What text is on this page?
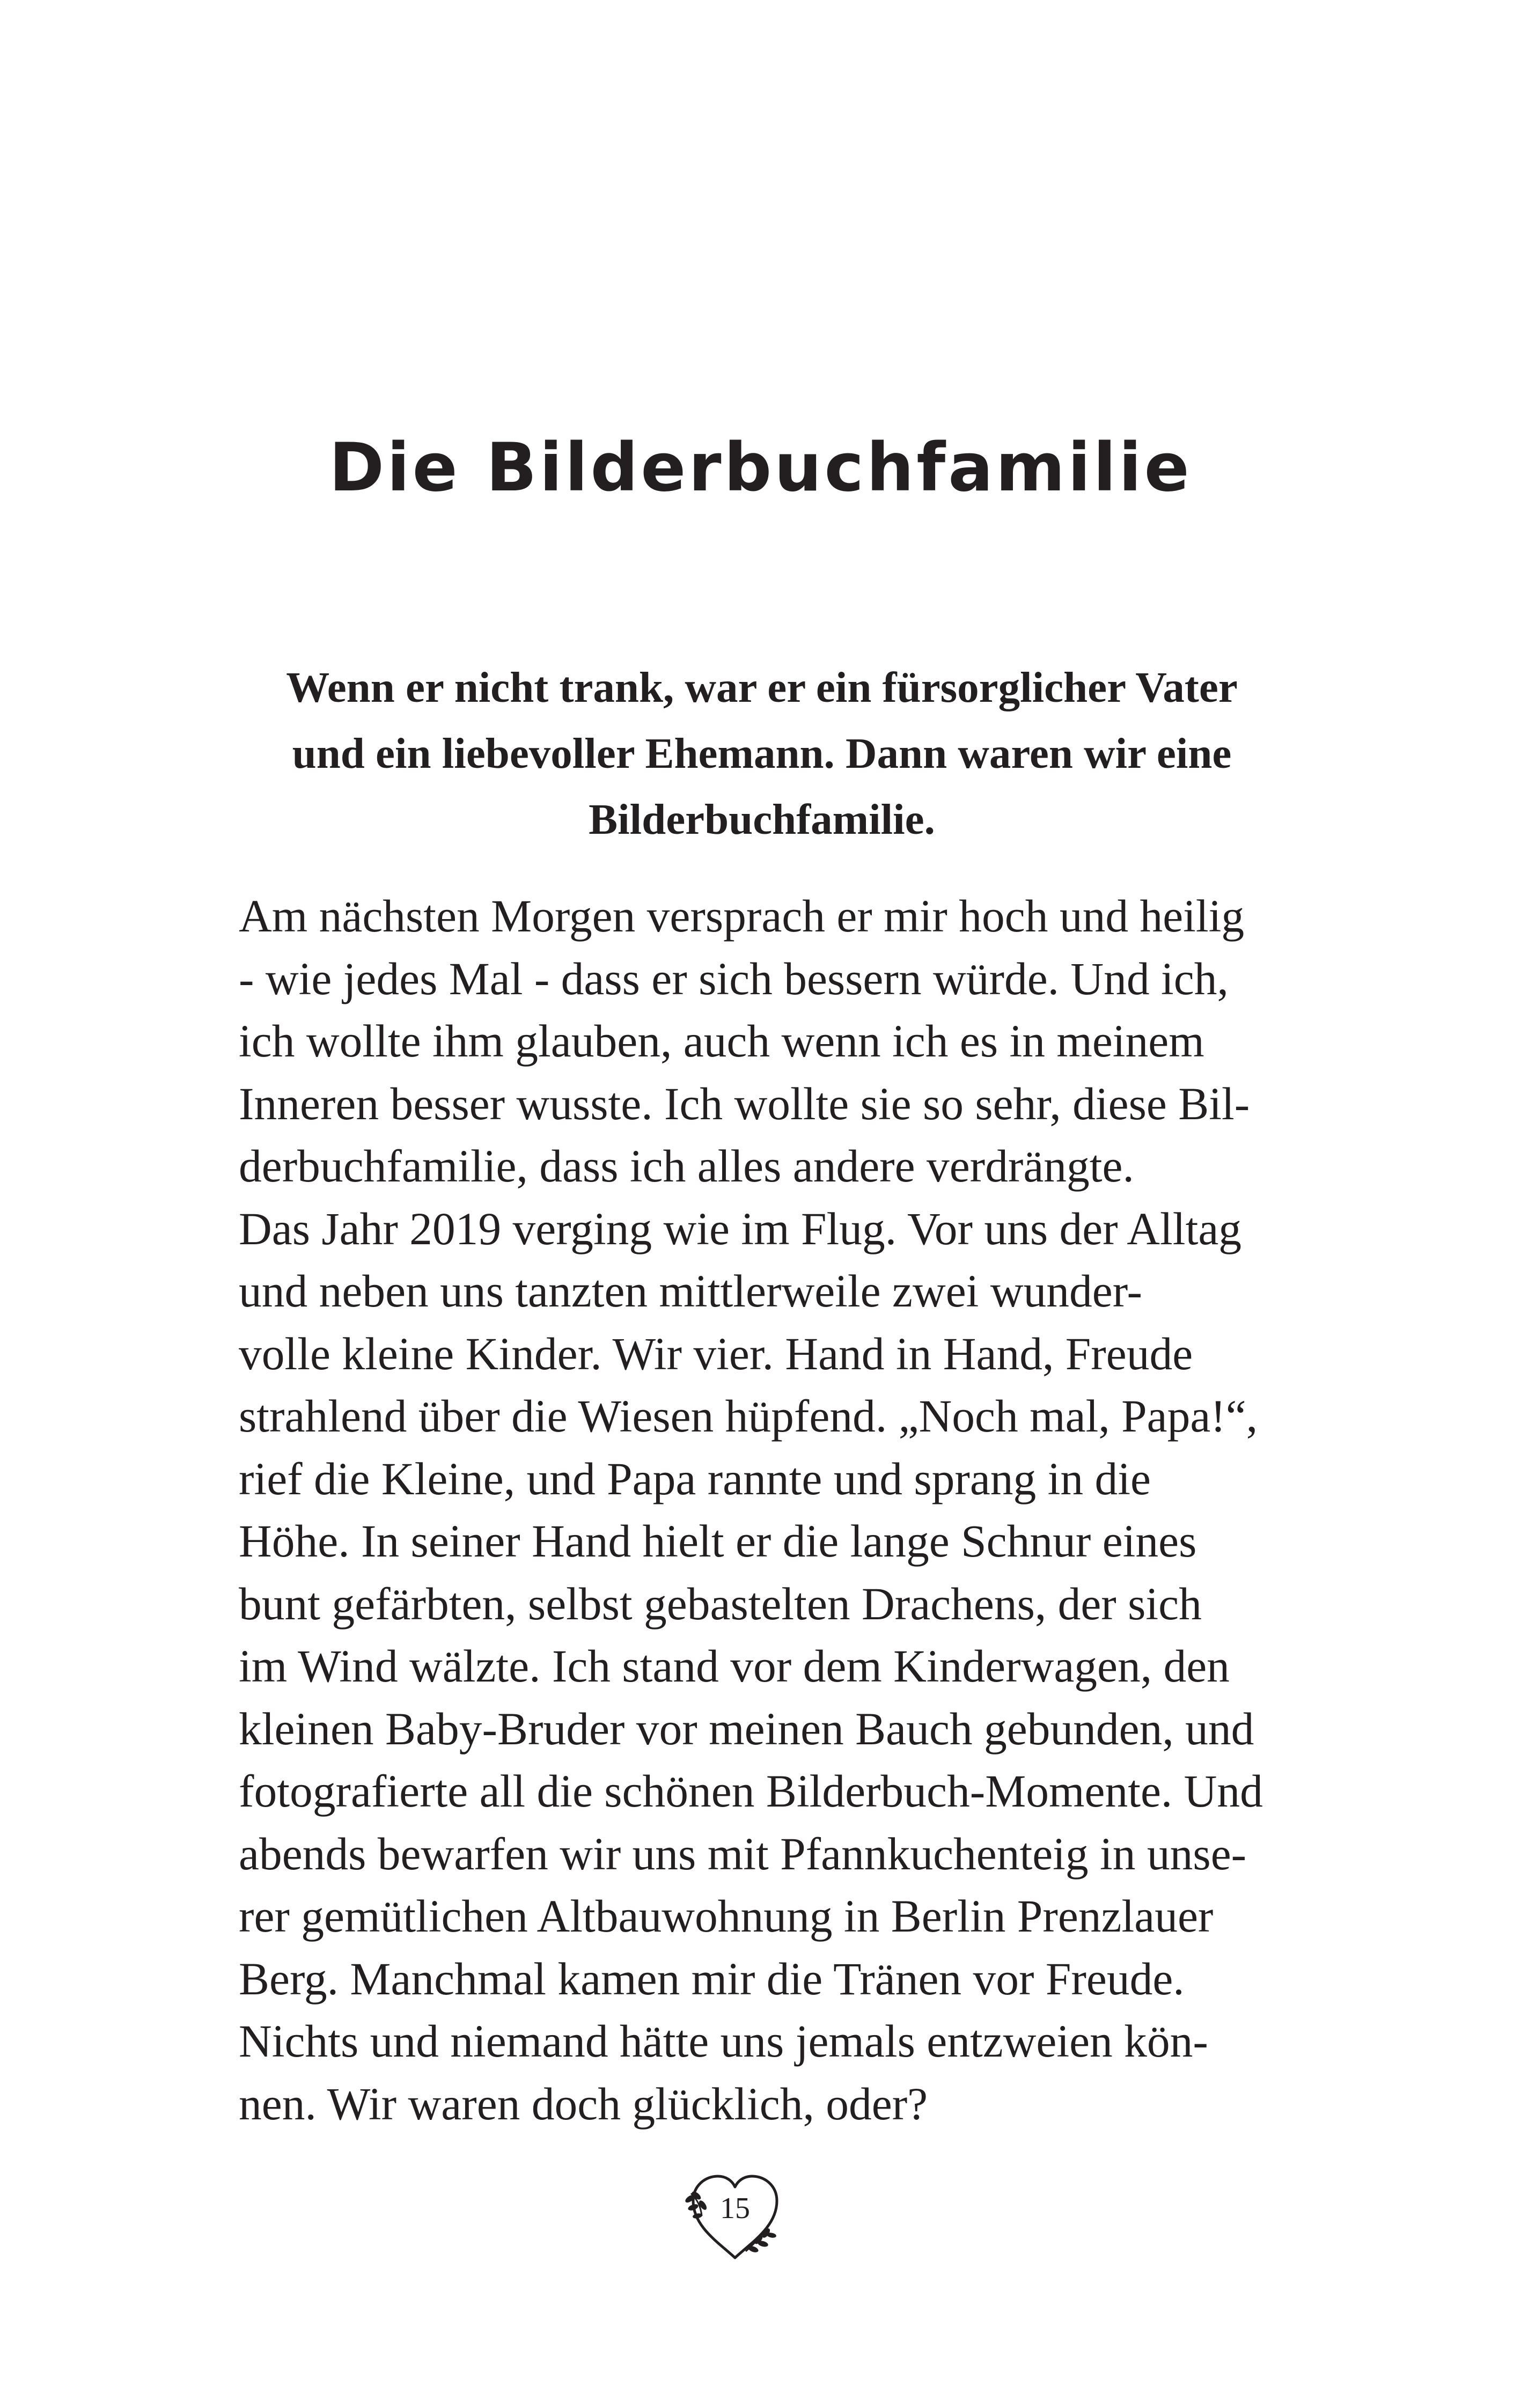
Die Bilderbuchfamilie

Wenn er nicht trank, war er ein fürsorglicher Vater
und ein liebevoller Ehemann. Dann waren wir eine
Bilderbuchfamilie.

Am nächsten Morgen versprach er mir hoch und heilig
- wie jedes Mal - dass er sich bessern würde. Und ich,
ich wollte ihm glauben, auch wenn ich es in meinem
Inneren besser wusste. Ich wollte sie so sehr, diese Bil-
derbuchfamilie, dass ich alles andere verdrängte.
Das Jahr 2019 verging wie im Flug. Vor uns der Alltag
und neben uns tanzten mittlerweile zwei wunder-
volle kleine Kinder. Wir vier. Hand in Hand, Freude
strahlend über die Wiesen hüpfend. „Noch mal, Papa!“,
rief die Kleine, und Papa rannte und sprang in die
Höhe. In seiner Hand hielt er die lange Schnur eines
bunt gefärbten, selbst gebastelten Drachens, der sich
im Wind wälzte. Ich stand vor dem Kinderwagen, den
kleinen Baby-Bruder vor meinen Bauch gebunden, und
fotografierte all die schönen Bilderbuch-Momente. Und
abends bewarfen wir uns mit Pfannkuchenteig in unse-
rer gemütlichen Altbauwohnung in Berlin Prenzlauer
Berg. Manchmal kamen mir die Tränen vor Freude.
Nichts und niemand hätte uns jemals entzweien kön-
nen. Wir waren doch glücklich, oder?

15
